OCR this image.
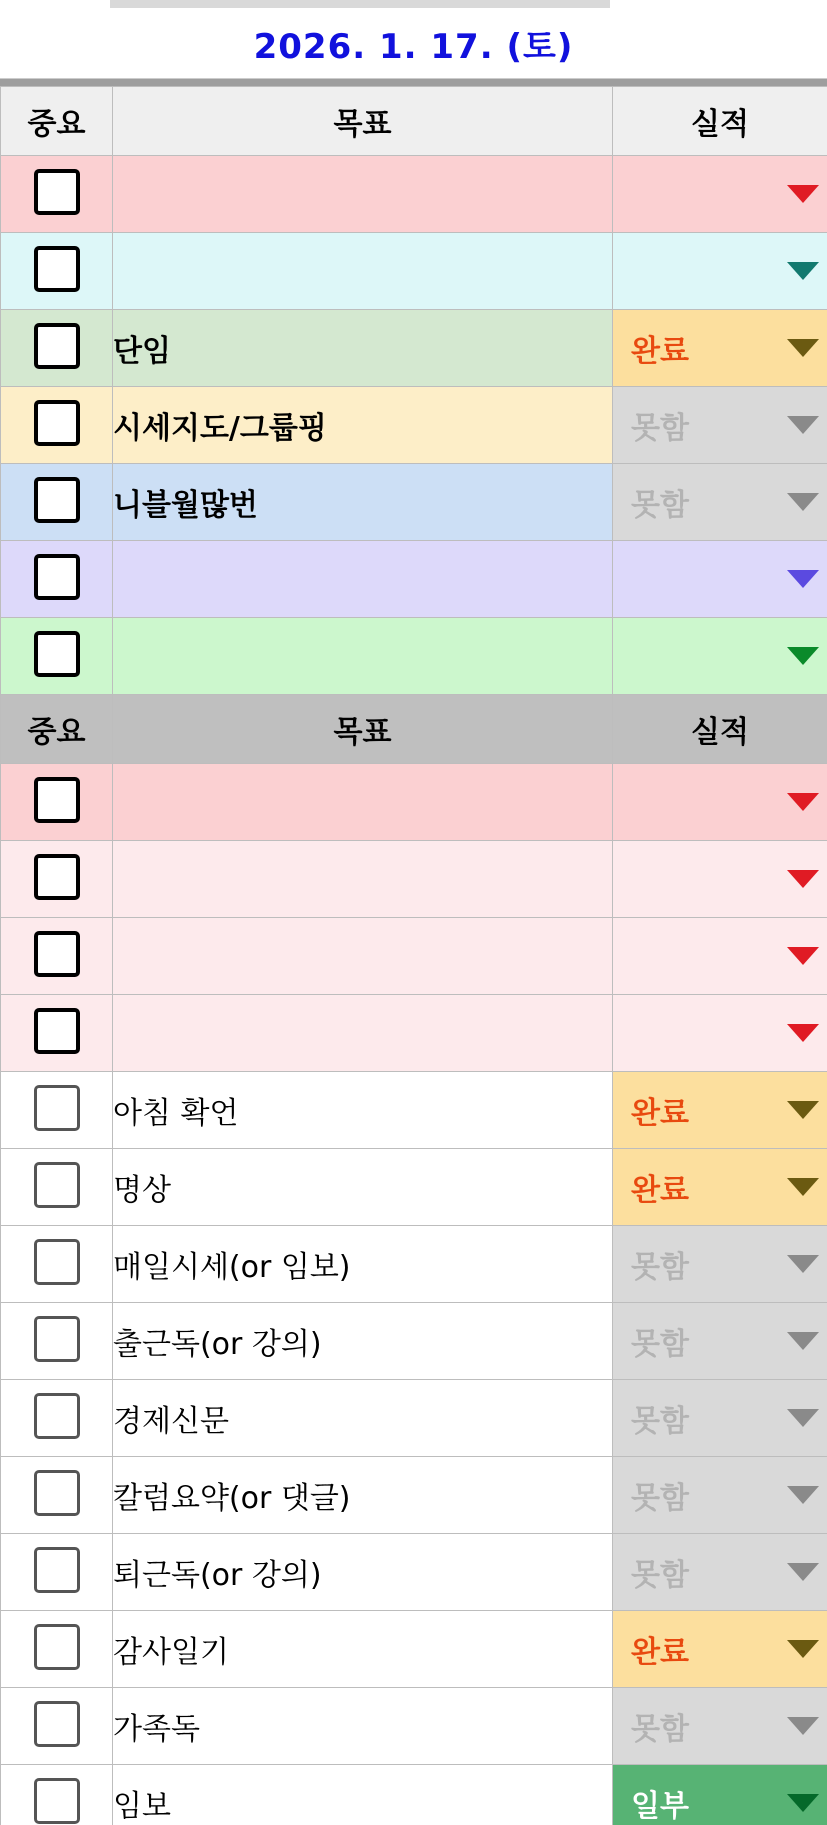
2026. 1. 17. (토)
중요	목표	실적

	단임	완료

	시세지도/그룹핑	못함

	니블월많번	못함

중요	목표	실적

	아침 확언	완료

	명상	완료

	매일시세(or 임보)	못함

	출근독(or 강의)	못함

	경제신문	못함

	칼럼요약(or 댓글)	못함

	퇴근독(or 강의)	못함

	감사일기	완료

	가족독	못함

	임보	일부
